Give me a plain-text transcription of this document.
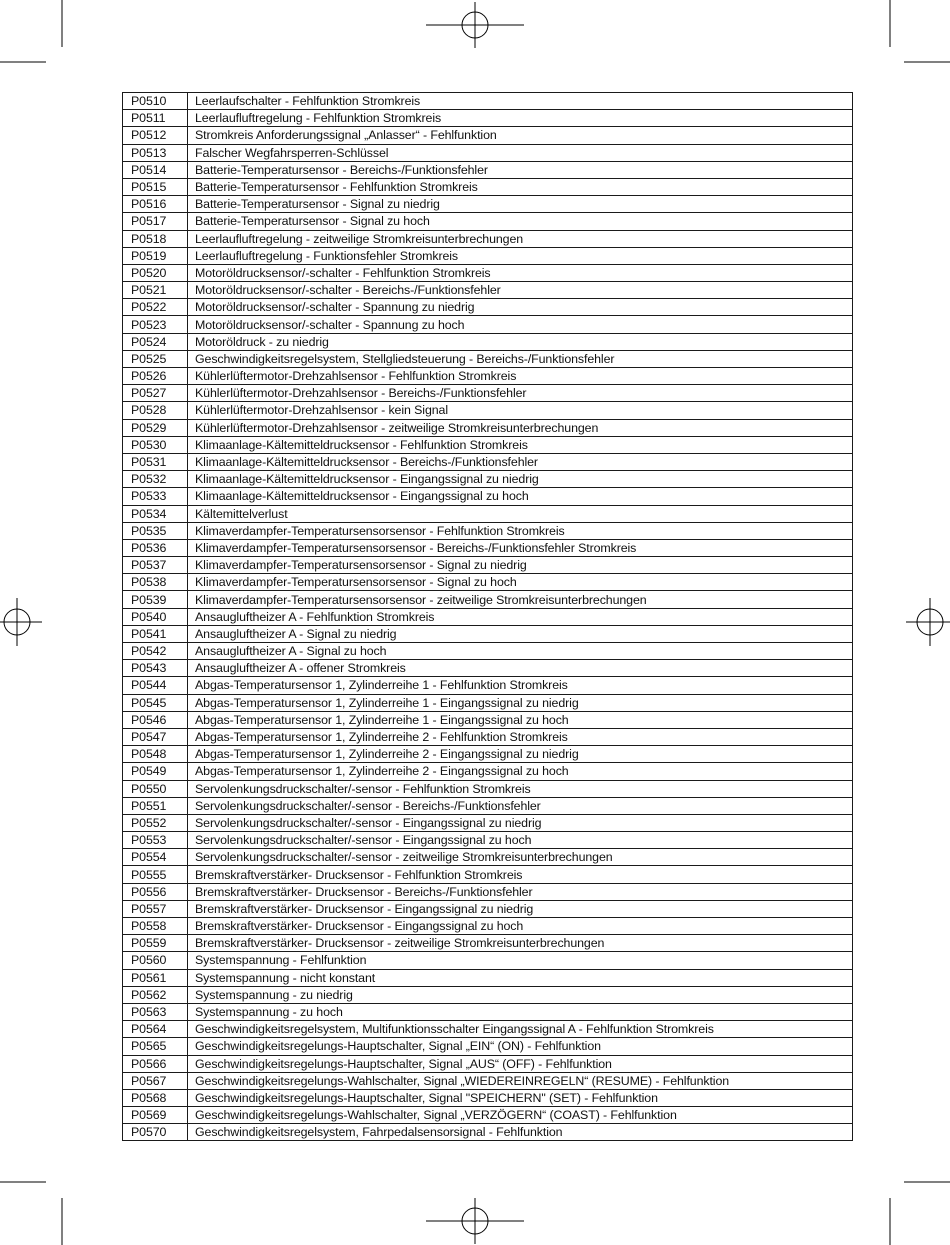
P0510	Leerlaufschalter - Fehlfunktion Stromkreis
P0511	Leerlaufluftregelung - Fehlfunktion Stromkreis
P0512	Stromkreis Anforderungssignal „Anlasser“ - Fehlfunktion
P0513	Falscher Wegfahrsperren-Schlüssel
P0514	Batterie-Temperatursensor - Bereichs-/Funktionsfehler
P0515	Batterie-Temperatursensor - Fehlfunktion Stromkreis
P0516	Batterie-Temperatursensor - Signal zu niedrig
P0517	Batterie-Temperatursensor - Signal zu hoch
P0518	Leerlaufluftregelung - zeitweilige Stromkreisunterbrechungen
P0519	Leerlaufluftregelung - Funktionsfehler Stromkreis
P0520	Motoröldrucksensor/-schalter - Fehlfunktion Stromkreis
P0521	Motoröldrucksensor/-schalter - Bereichs-/Funktionsfehler
P0522	Motoröldrucksensor/-schalter - Spannung zu niedrig
P0523	Motoröldrucksensor/-schalter - Spannung zu hoch
P0524	Motoröldruck - zu niedrig
P0525	Geschwindigkeitsregelsystem, Stellgliedsteuerung - Bereichs-/Funktionsfehler
P0526	Kühlerlüftermotor-Drehzahlsensor - Fehlfunktion Stromkreis
P0527	Kühlerlüftermotor-Drehzahlsensor - Bereichs-/Funktionsfehler
P0528	Kühlerlüftermotor-Drehzahlsensor - kein Signal
P0529	Kühlerlüftermotor-Drehzahlsensor - zeitweilige Stromkreisunterbrechungen
P0530	Klimaanlage-Kältemitteldrucksensor - Fehlfunktion Stromkreis
P0531	Klimaanlage-Kältemitteldrucksensor - Bereichs-/Funktionsfehler
P0532	Klimaanlage-Kältemitteldrucksensor - Eingangssignal zu niedrig
P0533	Klimaanlage-Kältemitteldrucksensor - Eingangssignal zu hoch
P0534	Kältemittelverlust
P0535	Klimaverdampfer-Temperatursensorsensor - Fehlfunktion Stromkreis
P0536	Klimaverdampfer-Temperatursensorsensor - Bereichs-/Funktionsfehler Stromkreis
P0537	Klimaverdampfer-Temperatursensorsensor - Signal zu niedrig
P0538	Klimaverdampfer-Temperatursensorsensor - Signal zu hoch
P0539	Klimaverdampfer-Temperatursensorsensor - zeitweilige Stromkreisunterbrechungen
P0540	Ansaugluftheizer A - Fehlfunktion Stromkreis
P0541	Ansaugluftheizer A - Signal zu niedrig
P0542	Ansaugluftheizer A - Signal zu hoch
P0543	Ansaugluftheizer A - offener Stromkreis
P0544	Abgas-Temperatursensor 1, Zylinderreihe 1 - Fehlfunktion Stromkreis
P0545	Abgas-Temperatursensor 1, Zylinderreihe 1 - Eingangssignal zu niedrig
P0546	Abgas-Temperatursensor 1, Zylinderreihe 1 - Eingangssignal zu hoch
P0547	Abgas-Temperatursensor 1, Zylinderreihe 2 - Fehlfunktion Stromkreis
P0548	Abgas-Temperatursensor 1, Zylinderreihe 2 - Eingangssignal zu niedrig
P0549	Abgas-Temperatursensor 1, Zylinderreihe 2 - Eingangssignal zu hoch
P0550	Servolenkungsdruckschalter/-sensor - Fehlfunktion Stromkreis
P0551	Servolenkungsdruckschalter/-sensor - Bereichs-/Funktionsfehler
P0552	Servolenkungsdruckschalter/-sensor - Eingangssignal zu niedrig
P0553	Servolenkungsdruckschalter/-sensor - Eingangssignal zu hoch
P0554	Servolenkungsdruckschalter/-sensor - zeitweilige Stromkreisunterbrechungen
P0555	Bremskraftverstärker- Drucksensor - Fehlfunktion Stromkreis
P0556	Bremskraftverstärker- Drucksensor - Bereichs-/Funktionsfehler
P0557	Bremskraftverstärker- Drucksensor - Eingangssignal zu niedrig
P0558	Bremskraftverstärker- Drucksensor - Eingangssignal zu hoch
P0559	Bremskraftverstärker- Drucksensor - zeitweilige Stromkreisunterbrechungen
P0560	Systemspannung - Fehlfunktion
P0561	Systemspannung - nicht konstant
P0562	Systemspannung - zu niedrig
P0563	Systemspannung - zu hoch
P0564	Geschwindigkeitsregelsystem, Multifunktionsschalter Eingangssignal A - Fehlfunktion Stromkreis
P0565	Geschwindigkeitsregelungs-Hauptschalter, Signal „EIN“ (ON) - Fehlfunktion
P0566	Geschwindigkeitsregelungs-Hauptschalter, Signal „AUS“ (OFF) - Fehlfunktion
P0567	Geschwindigkeitsregelungs-Wahlschalter, Signal „WIEDEREINREGELN“ (RESUME) - Fehlfunktion
P0568	Geschwindigkeitsregelungs-Hauptschalter, Signal "SPEICHERN" (SET) - Fehlfunktion
P0569	Geschwindigkeitsregelungs-Wahlschalter, Signal „VERZÖGERN“ (COAST) - Fehlfunktion
P0570	Geschwindigkeitsregelsystem, Fahrpedalsensorsignal - Fehlfunktion
